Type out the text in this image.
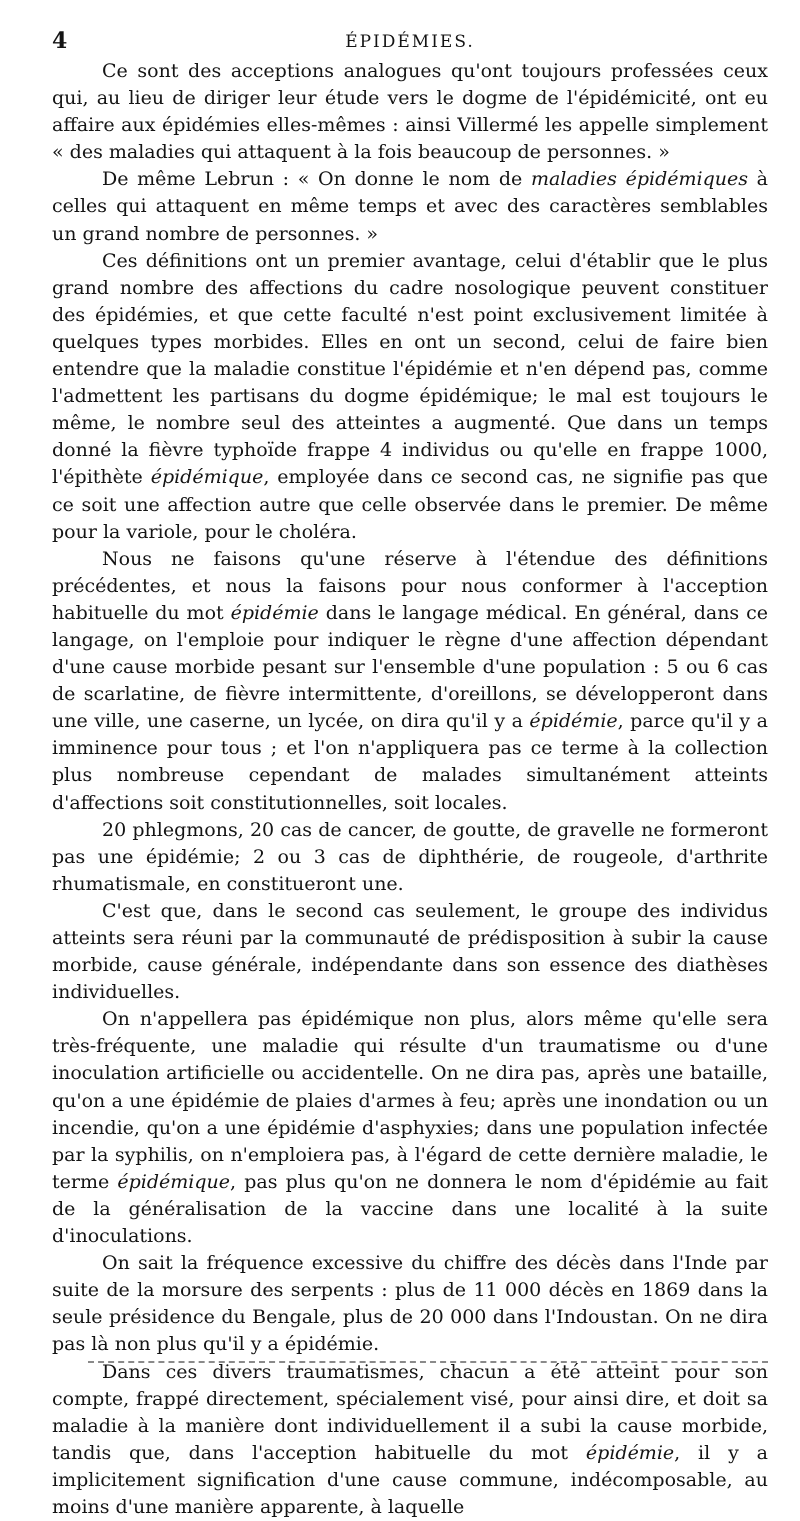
4	ÉPIDÉMIES.

Ce sont des acceptions analogues qu'ont toujours professées ceux qui, au lieu de diriger leur étude vers le dogme de l'épidémicité, ont eu affaire aux épidémies elles-mêmes : ainsi Villermé les appelle simplement « des maladies qui attaquent à la fois beaucoup de personnes. »

De même Lebrun : « On donne le nom de maladies épidémiques à celles qui attaquent en même temps et avec des caractères semblables un grand nombre de personnes. »

Ces définitions ont un premier avantage, celui d'établir que le plus grand nombre des affections du cadre nosologique peuvent constituer des épidémies, et que cette faculté n'est point exclusivement limitée à quelques types morbides. Elles en ont un second, celui de faire bien entendre que la maladie constitue l'épidémie et n'en dépend pas, comme l'admettent les partisans du dogme épidémique; le mal est toujours le même, le nombre seul des atteintes a augmenté. Que dans un temps donné la fièvre typhoïde frappe 4 individus ou qu'elle en frappe 1000, l'épithète épidémique, employée dans ce second cas, ne signifie pas que ce soit une affection autre que celle observée dans le premier. De même pour la variole, pour le choléra.

Nous ne faisons qu'une réserve à l'étendue des définitions précédentes, et nous la faisons pour nous conformer à l'acception habituelle du mot épidémie dans le langage médical. En général, dans ce langage, on l'emploie pour indiquer le règne d'une affection dépendant d'une cause morbide pesant sur l'ensemble d'une population : 5 ou 6 cas de scarlatine, de fièvre intermittente, d'oreillons, se développeront dans une ville, une caserne, un lycée, on dira qu'il y a épidémie, parce qu'il y a imminence pour tous ; et l'on n'appliquera pas ce terme à la collection plus nombreuse cependant de malades simultanément atteints d'affections soit constitutionnelles, soit locales.

20 phlegmons, 20 cas de cancer, de goutte, de gravelle ne formeront pas une épidémie; 2 ou 3 cas de diphthérie, de rougeole, d'arthrite rhumatismale, en constitueront une.

C'est que, dans le second cas seulement, le groupe des individus atteints sera réuni par la communauté de prédisposition à subir la cause morbide, cause générale, indépendante dans son essence des diathèses individuelles.

On n'appellera pas épidémique non plus, alors même qu'elle sera très-fréquente, une maladie qui résulte d'un traumatisme ou d'une inoculation artificielle ou accidentelle. On ne dira pas, après une bataille, qu'on a une épidémie de plaies d'armes à feu; après une inondation ou un incendie, qu'on a une épidémie d'asphyxies; dans une population infectée par la syphilis, on n'emploiera pas, à l'égard de cette dernière maladie, le terme épidémique, pas plus qu'on ne donnera le nom d'épidémie au fait de la généralisation de la vaccine dans une localité à la suite d'inoculations.

On sait la fréquence excessive du chiffre des décès dans l'Inde par suite de la morsure des serpents : plus de 11 000 décès en 1869 dans la seule présidence du Bengale, plus de 20 000 dans l'Indoustan. On ne dira pas là non plus qu'il y a épidémie.

Dans ces divers traumatismes, chacun a été atteint pour son compte, frappé directement, spécialement visé, pour ainsi dire, et doit sa maladie à la manière dont individuellement il a subi la cause morbide, tandis que, dans l'acception habituelle du mot épidémie, il y a implicitement signification d'une cause commune, indécomposable, au moins d'une manière apparente, à laquelle
